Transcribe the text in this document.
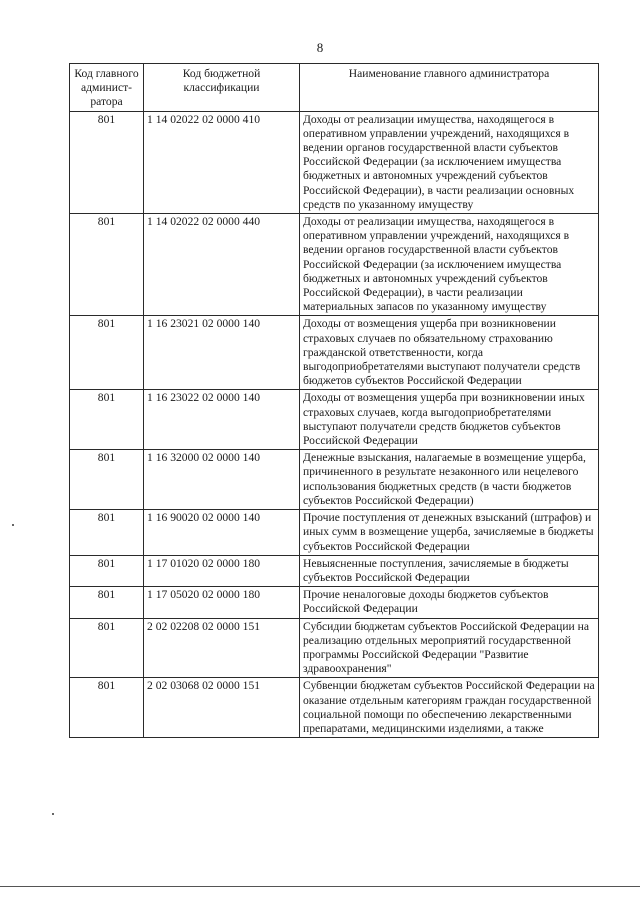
8
Код главного админист-ратора	Код бюджетной классификации	Наименование главного администратора
801	1 14 02022 02 0000 410	Доходы от реализации имущества, находящегося в оперативном управлении учреждений, находящихся в ведении органов государственной власти субъектов Российской Федерации (за исключением имущества бюджетных и автономных учреждений субъектов Российской Федерации), в части реализации основных средств по указанному имуществу
801	1 14 02022 02 0000 440	Доходы от реализации имущества, находящегося в оперативном управлении учреждений, находящихся в ведении органов государственной власти субъектов Российской Федерации (за исключением имущества бюджетных и автономных учреждений субъектов Российской Федерации), в части реализации материальных запасов по указанному имуществу
801	1 16 23021 02 0000 140	Доходы от возмещения ущерба при возникновении страховых случаев по обязательному страхованию гражданской ответственности, когда выгодоприобретателями выступают получатели средств бюджетов субъектов Российской Федерации
801	1 16 23022 02 0000 140	Доходы от возмещения ущерба при возникновении иных страховых случаев, когда выгодоприобретателями выступают получатели средств бюджетов субъектов Российской Федерации
801	1 16 32000 02 0000 140	Денежные взыскания, налагаемые в возмещение ущерба, причиненного в результате незаконного или нецелевого использования бюджетных средств (в части бюджетов субъектов Российской Федерации)
801	1 16 90020 02 0000 140	Прочие поступления от денежных взысканий (штрафов) и иных сумм в возмещение ущерба, зачисляемые в бюджеты субъектов Российской Федерации
801	1 17 01020 02 0000 180	Невыясненные поступления, зачисляемые в бюджеты субъектов Российской Федерации
801	1 17 05020 02 0000 180	Прочие неналоговые доходы бюджетов субъектов Российской Федерации
801	2 02 02208 02 0000 151	Субсидии бюджетам субъектов Российской Федерации на реализацию отдельных мероприятий государственной программы Российской Федерации "Развитие здравоохранения"
801	2 02 03068 02 0000 151	Субвенции бюджетам субъектов Российской Федерации на оказание отдельным категориям граждан государственной социальной помощи по обеспечению лекарственными препаратами, медицинскими изделиями, а также
